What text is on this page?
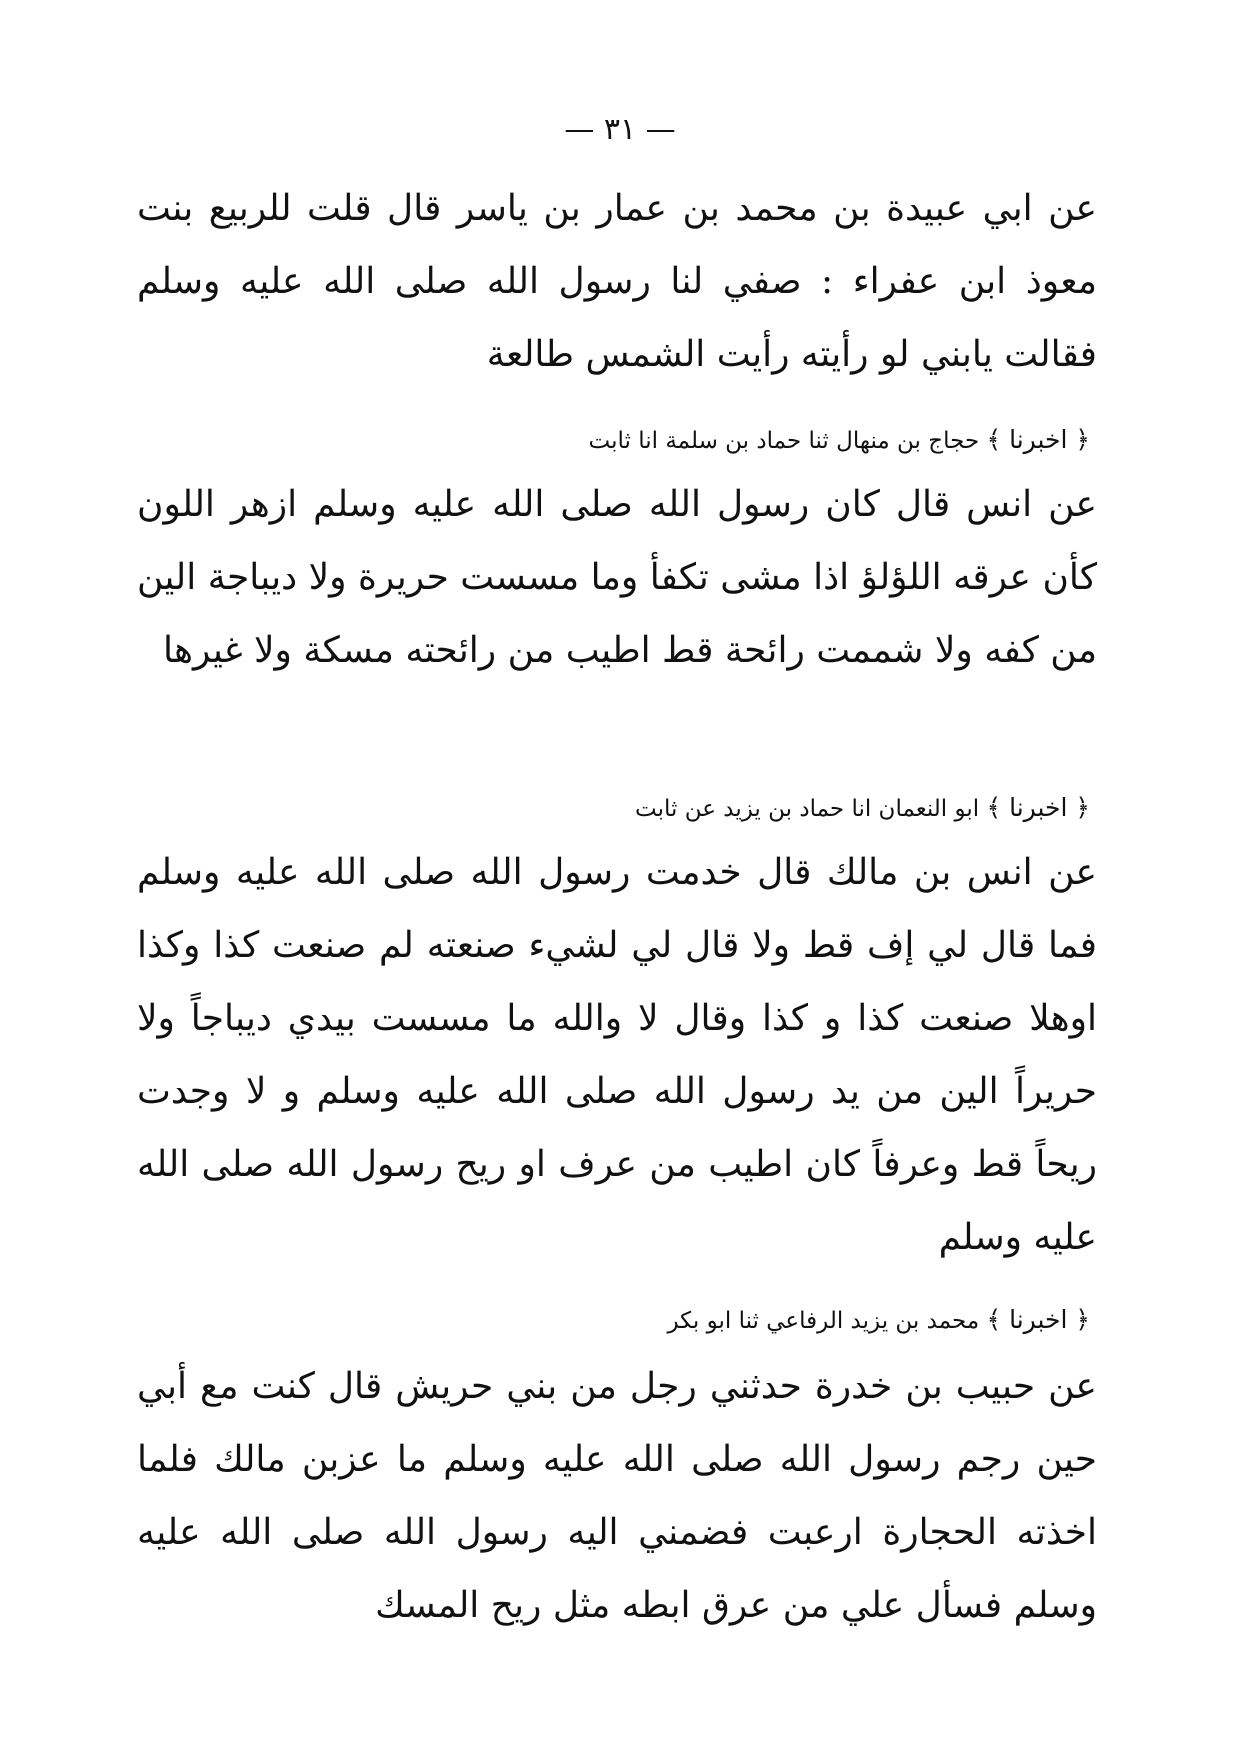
— ٣١ —

عن ابي عبيدة بن محمد بن عمار بن ياسر قال قلت للربيع بنت معوذ ابن عفراء : صفي لنا رسول الله صلى الله عليه وسلم فقالت يابني لو رأيته رأيت الشمس طالعة

﴿ اخبرنا ﴾ حجاج بن منهال ثنا حماد بن سلمة انا ثابت

عن انس قال كان رسول الله صلى الله عليه وسلم ازهر اللون كأن عرقه اللؤلؤ اذا مشى تكفأ وما مسست حريرة ولا ديباجة الين من كفه ولا شممت رائحة قط اطيب من رائحته مسكة ولا غيرها

﴿ اخبرنا ﴾ ابو النعمان انا حماد بن يزيد عن ثابت

عن انس بن مالك قال خدمت رسول الله صلى الله عليه وسلم فما قال لي إف قط ولا قال لي لشيء صنعته لم صنعت كذا وكذا اوهلا صنعت كذا و كذا وقال لا والله ما مسست بيدي ديباجاً ولا حريراً الين من يد رسول الله صلى الله عليه وسلم و لا وجدت ريحاً قط وعرفاً كان اطيب من عرف او ريح رسول الله صلى الله عليه وسلم

﴿ اخبرنا ﴾ محمد بن يزيد الرفاعي ثنا ابو بكر

عن حبيب بن خدرة حدثني رجل من بني حريش قال كنت مع أبي حين رجم رسول الله صلى الله عليه وسلم ما عزبن مالك فلما اخذته الحجارة ارعبت فضمني اليه رسول الله صلى الله عليه وسلم فسأل علي من عرق ابطه مثل ريح المسك
